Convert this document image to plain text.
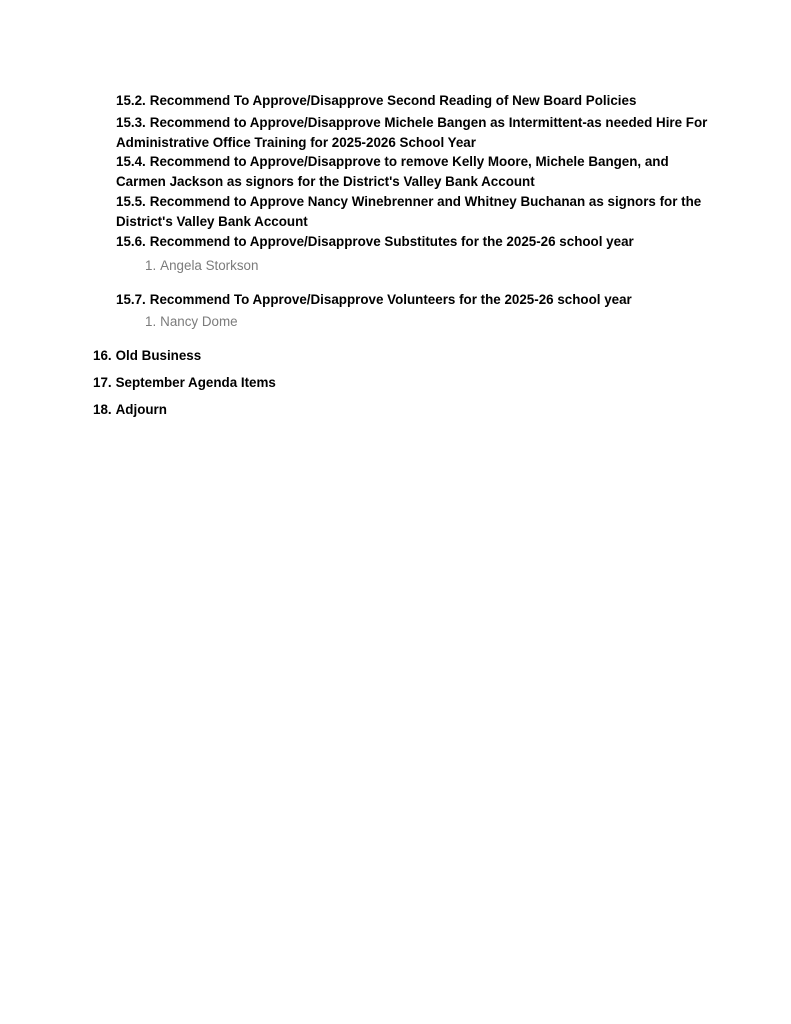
15.2. Recommend To Approve/Disapprove Second Reading of New Board Policies

15.3. Recommend to Approve/Disapprove Michele Bangen as Intermittent-as needed Hire For Administrative Office Training for 2025-2026 School Year

15.4. Recommend to Approve/Disapprove to remove Kelly Moore, Michele Bangen, and Carmen Jackson as signors for the District's Valley Bank Account

15.5. Recommend to Approve Nancy Winebrenner and Whitney Buchanan as signors for the District's Valley Bank Account

15.6. Recommend to Approve/Disapprove Substitutes for the 2025-26 school year

1. Angela Storkson

15.7. Recommend To Approve/Disapprove Volunteers for the 2025-26 school year

1. Nancy Dome

16. Old Business

17. September Agenda Items

18. Adjourn
